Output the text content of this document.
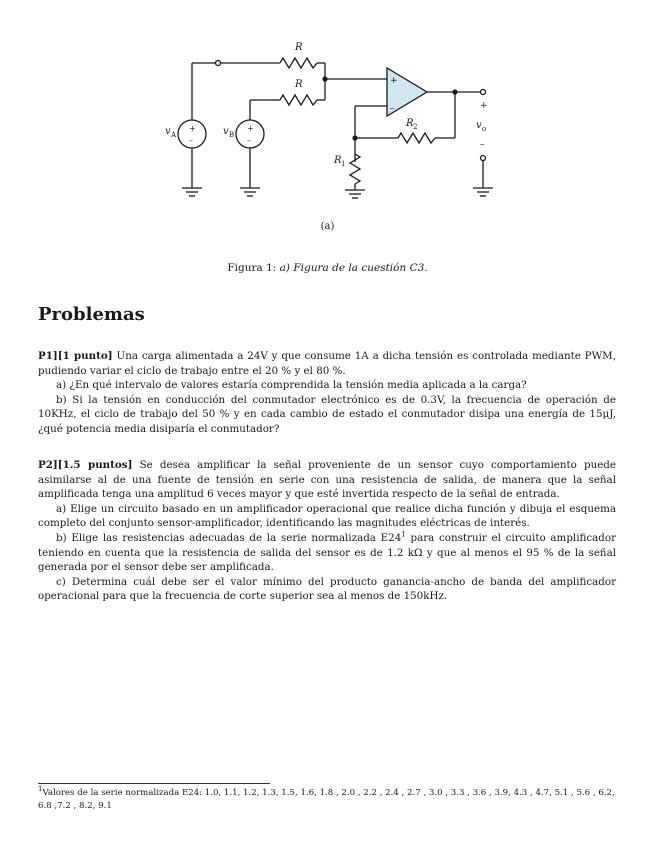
R
R
R 2
R 1
v A	v B
v o
+
–
+
–
+
–
+
–
(a)
Figura 1: a) Figura de la cuestión C3.
Problemas

P1][1 punto] Una carga alimentada a 24V y que consume 1A a dicha tensión es controlada mediante PWM, pudiendo variar el ciclo de trabajo entre el 20 % y el 80 %.

a) ¿En qué intervalo de valores estaría comprendida la tensión media aplicada a la carga?

b) Si la tensión en conducción del conmutador electrónico es de 0.3V, la frecuencia de operación de 10KHz, el ciclo de trabajo del 50 % y en cada cambio de estado el conmutador disipa una energía de 15μJ, ¿qué potencia media disiparía el conmutador?

P2][1.5 puntos] Se desea amplificar la señal proveniente de un sensor cuyo comportamiento puede asimilarse al de una fuente de tensión en serie con una resistencia de salida, de manera que la señal amplificada tenga una amplitud 6 veces mayor y que esté invertida respecto de la señal de entrada.

a) Elige un circuito basado en un amplificador operacional que realice dicha función y dibuja el esquema completo del conjunto sensor-amplificador, identificando las magnitudes eléctricas de interés.

b) Elige las resistencias adecuadas de la serie normalizada $E24^1$ para construir el circuito amplificador teniendo en cuenta que la resistencia de salida del sensor es de 1.2 kΩ y que al menos el 95 % de la señal generada por el sensor debe ser amplificada.

c) Determina cuál debe ser el valor mínimo del producto ganancia-ancho de banda del amplificador operacional para que la frecuencia de corte superior sea al menos de 150kHz.

$^1$Valores de la serie normalizada E24: 1.0, 1.1, 1.2, 1.3, 1.5, 1.6, 1.8 , 2.0 , 2.2 , 2.4 , 2.7 , 3.0 , 3.3 , 3.6 , 3.9, 4.3 , 4.7, 5.1 , 5.6 , 6.2, 6.8 ,7.2 , 8.2, 9.1
